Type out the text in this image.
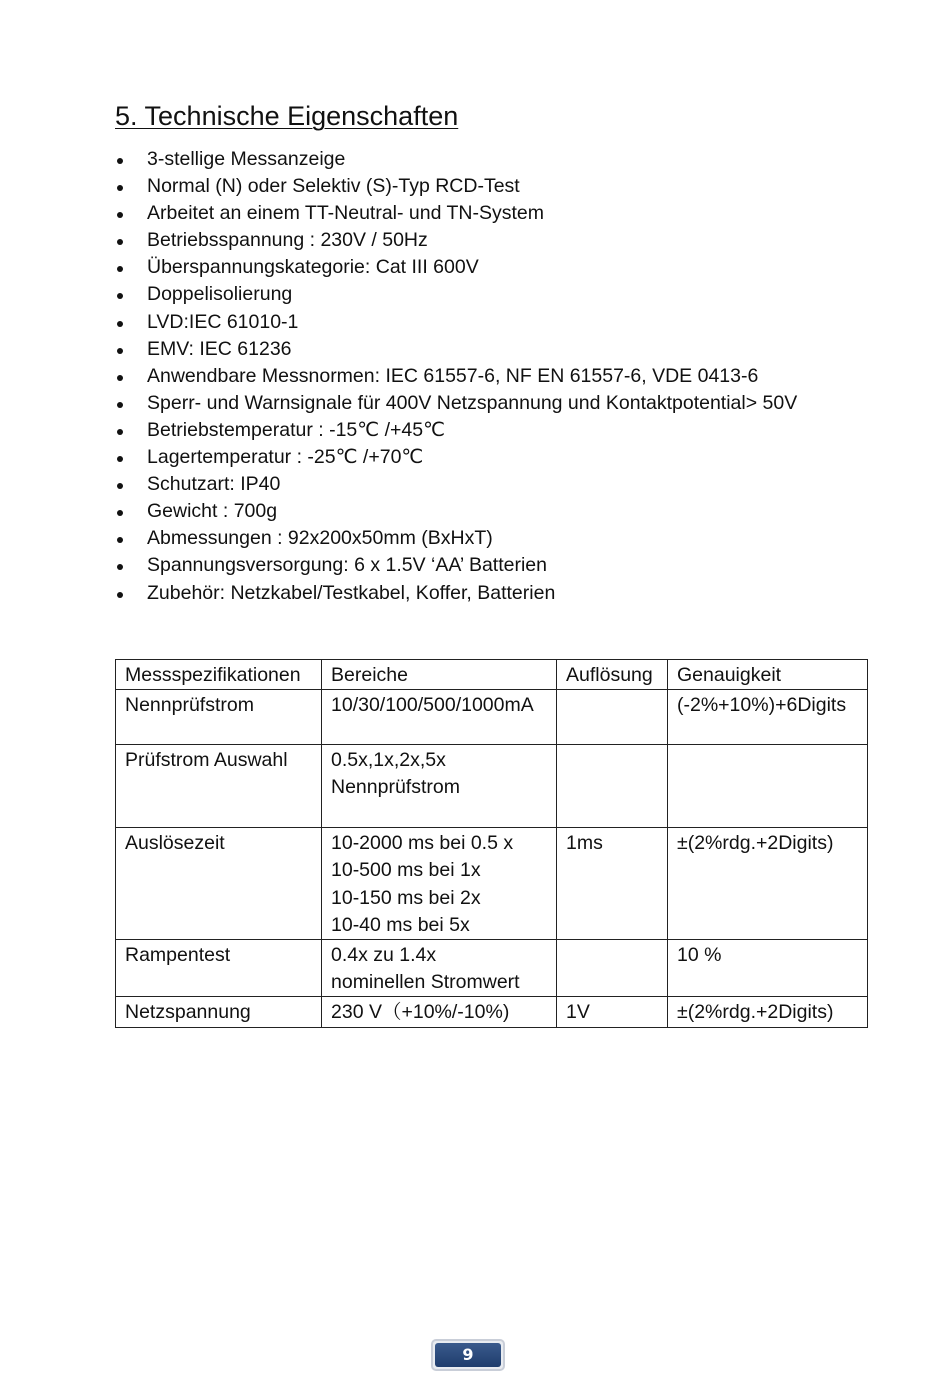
5. Technische Eigenschaften
3-stellige Messanzeige
Normal (N) oder Selektiv (S)-Typ RCD-Test
Arbeitet an einem TT-Neutral- und TN-System
Betriebsspannung : 230V / 50Hz
Überspannungskategorie: Cat III 600V
Doppelisolierung
LVD:IEC 61010-1
EMV: IEC 61236
Anwendbare Messnormen: IEC 61557-6, NF EN 61557-6, VDE 0413-6
Sperr- und Warnsignale für 400V Netzspannung und Kontaktpotential> 50V
Betriebstemperatur : -15℃ /+45℃
Lagertemperatur : -25℃ /+70℃
Schutzart: IP40
Gewicht : 700g
Abmessungen : 92x200x50mm (BxHxT)
Spannungsversorgung: 6 x 1.5V ‘AA’ Batterien
Zubehör: Netzkabel/Testkabel, Koffer, Batterien
Messspezifikationen	Bereiche	Auflösung	Genauigkeit
Nennprüfstrom	10/30/100/500/1000mA		(-2%+10%)+6Digits
Prüfstrom Auswahl	0.5x,1x,2x,5x
Nennprüfstrom		

Auslösezeit	10-2000 ms bei 0.5 x
10-500 ms bei 1x
10-150 ms bei 2x
10-40 ms bei 5x	1ms	±(2%rdg.+2Digits)
Rampentest	0.4x zu 1.4x
nominellen Stromwert		10 %
Netzspannung	230 V（+10%/-10%)	1V	±(2%rdg.+2Digits)
9
